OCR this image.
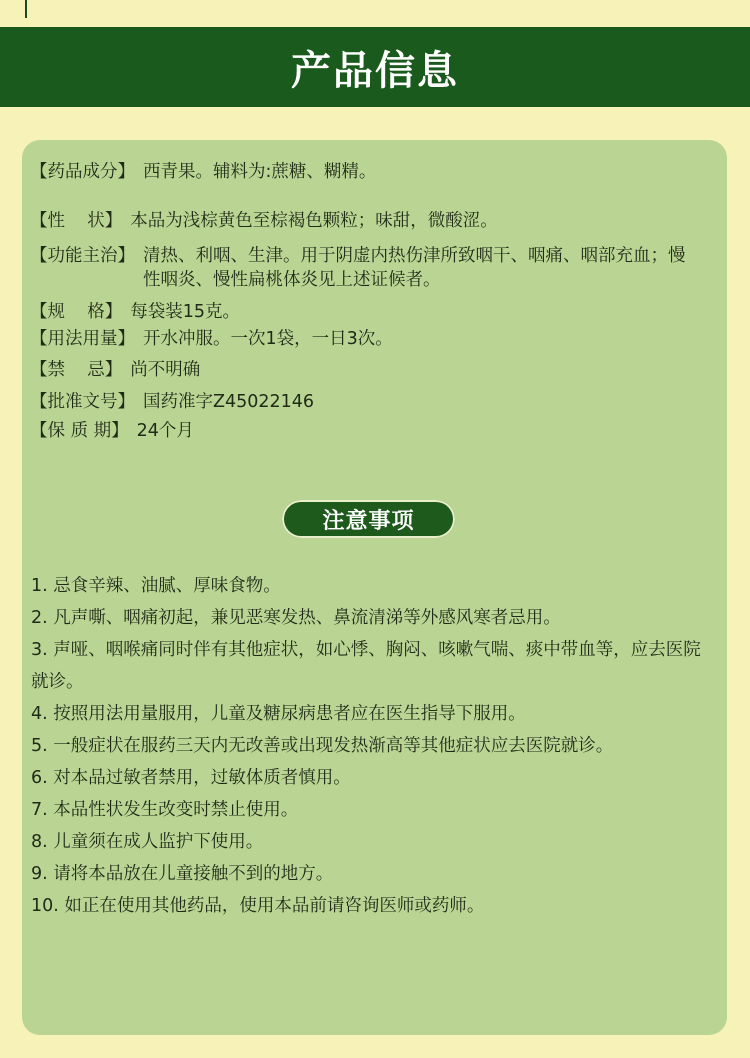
产品信息
【药品成分】 西青果。辅料为:蔗糖、糊精。
【性    状】 本品为浅棕黄色至棕褐色颗粒；味甜，微酸涩。
【功能主治】 清热、利咽、生津。用于阴虚内热伤津所致咽干、咽痛、咽部充血；慢性咽炎、慢性扁桃体炎见上述证候者。
【规    格】 每袋装15克。
【用法用量】 开水冲服。一次1袋，一日3次。
【禁    忌】 尚不明确
【批准文号】 国药准字Z45022146
【保 质 期】 24个月
注意事项
1. 忌食辛辣、油腻、厚味食物。
2. 凡声嘶、咽痛初起，兼见恶寒发热、鼻流清涕等外感风寒者忌用。
3. 声哑、咽喉痛同时伴有其他症状，如心悸、胸闷、咳嗽气喘、痰中带血等，应去医院就诊。
4. 按照用法用量服用，儿童及糖尿病患者应在医生指导下服用。
5. 一般症状在服药三天内无改善或出现发热渐高等其他症状应去医院就诊。
6. 对本品过敏者禁用，过敏体质者慎用。
7. 本品性状发生改变时禁止使用。
8. 儿童须在成人监护下使用。
9. 请将本品放在儿童接触不到的地方。
10. 如正在使用其他药品，使用本品前请咨询医师或药师。
